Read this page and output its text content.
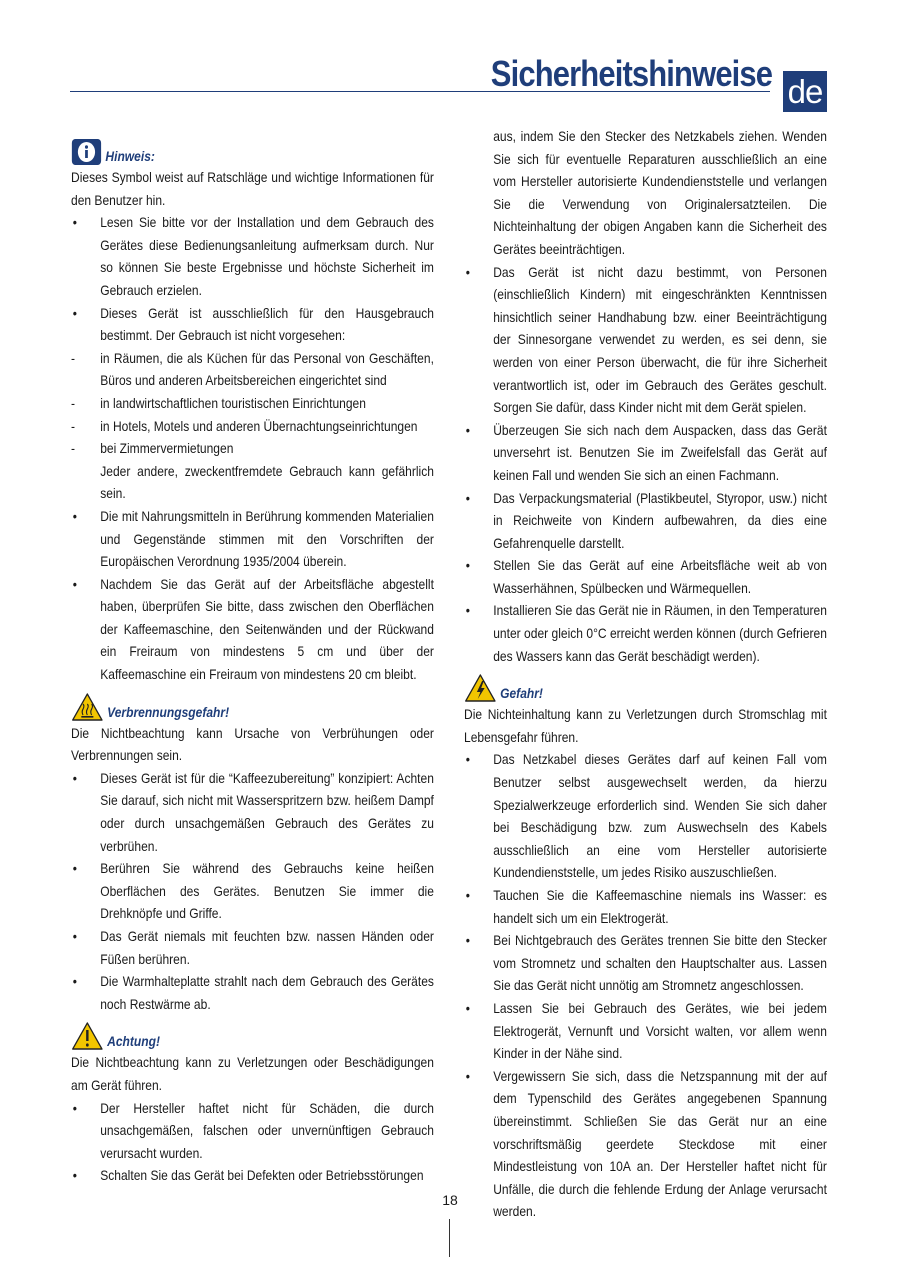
Sicherheitshinweise de
Hinweis:

Dieses Symbol weist auf Ratschläge und wichtige Informationen für den Benutzer hin.

• Lesen Sie bitte vor der Installation und dem Gebrauch des Gerätes diese Bedienungsanleitung aufmerksam durch. Nur so können Sie beste Ergebnisse und höchste Sicherheit im Gebrauch erzielen.
• Dieses Gerät ist ausschließlich für den Hausgebrauch bestimmt. Der Gebrauch ist nicht vorgesehen:
- in Räumen, die als Küchen für das Personal von Geschäften, Büros und anderen Arbeitsbereichen eingerichtet sind
- in landwirtschaftlichen touristischen Einrichtungen
- in Hotels, Motels und anderen Übernachtungseinrichtungen
- bei Zimmervermietungen

Jeder andere, zweckentfremdete Gebrauch kann gefährlich sein.

• Die mit Nahrungsmitteln in Berührung kommenden Materialien und Gegenstände stimmen mit den Vorschriften der Europäischen Verordnung 1935/2004 überein.
• Nachdem Sie das Gerät auf der Arbeitsfläche abgestellt haben, überprüfen Sie bitte, dass zwischen den Oberflächen der Kaffeemaschine, den Seitenwänden und der Rückwand ein Freiraum von mindestens 5 cm und über der Kaffeemaschine ein Freiraum von mindestens 20 cm bleibt.
Verbrennungsgefahr!

Die Nichtbeachtung kann Ursache von Verbrühungen oder Verbrennungen sein.

• Dieses Gerät ist für die “Kaffeezubereitung” konzipiert: Achten Sie darauf, sich nicht mit Wasserspritzern bzw. heißem Dampf oder durch unsachgemäßen Gebrauch des Gerätes zu verbrühen.
• Berühren Sie während des Gebrauchs keine heißen Oberflächen des Gerätes. Benutzen Sie immer die Drehknöpfe und Griffe.
• Das Gerät niemals mit feuchten bzw. nassen Händen oder Füßen berühren.
• Die Warmhalteplatte strahlt nach dem Gebrauch des Gerätes noch Restwärme ab.
Achtung!

Die Nichtbeachtung kann zu Verletzungen oder Beschädigungen am Gerät führen.

• Der Hersteller haftet nicht für Schäden, die durch unsachgemäßen, falschen oder unvernünftigen Gebrauch verursacht wurden.
• Schalten Sie das Gerät bei Defekten oder Betriebsstörungen

aus, indem Sie den Stecker des Netzkabels ziehen. Wenden Sie sich für eventuelle Reparaturen ausschließlich an eine vom Hersteller autorisierte Kundendienststelle und verlangen Sie die Verwendung von Originalersatzteilen. Die Nichteinhaltung der obigen Angaben kann die Sicherheit des Gerätes beeinträchtigen.

• Das Gerät ist nicht dazu bestimmt, von Personen (einschließlich Kindern) mit eingeschränkten Kenntnissen hinsichtlich seiner Handhabung bzw. einer Beeinträchtigung der Sinnesorgane verwendet zu werden, es sei denn, sie werden von einer Person überwacht, die für ihre Sicherheit verantwortlich ist, oder im Gebrauch des Gerätes geschult. Sorgen Sie dafür, dass Kinder nicht mit dem Gerät spielen.
• Überzeugen Sie sich nach dem Auspacken, dass das Gerät unversehrt ist. Benutzen Sie im Zweifelsfall das Gerät auf keinen Fall und wenden Sie sich an einen Fachmann.
• Das Verpackungsmaterial (Plastikbeutel, Styropor, usw.) nicht in Reichweite von Kindern aufbewahren, da dies eine Gefahrenquelle darstellt.
• Stellen Sie das Gerät auf eine Arbeitsfläche weit ab von Wasserhähnen, Spülbecken und Wärmequellen.
• Installieren Sie das Gerät nie in Räumen, in den Temperaturen unter oder gleich 0°C erreicht werden können (durch Gefrieren des Wassers kann das Gerät beschädigt werden).
Gefahr!

Die Nichteinhaltung kann zu Verletzungen durch Stromschlag mit Lebensgefahr führen.

• Das Netzkabel dieses Gerätes darf auf keinen Fall vom Benutzer selbst ausgewechselt werden, da hierzu Spezialwerkzeuge erforderlich sind. Wenden Sie sich daher bei Beschädigung bzw. zum Auswechseln des Kabels ausschließlich an eine vom Hersteller autorisierte Kundendienststelle, um jedes Risiko auszuschließen.
• Tauchen Sie die Kaffeemaschine niemals ins Wasser: es handelt sich um ein Elektrogerät.
• Bei Nichtgebrauch des Gerätes trennen Sie bitte den Stecker vom Stromnetz und schalten den Hauptschalter aus. Lassen Sie das Gerät nicht unnötig am Stromnetz angeschlossen.
• Lassen Sie bei Gebrauch des Gerätes, wie bei jedem Elektrogerät, Vernunft und Vorsicht walten, vor allem wenn Kinder in der Nähe sind.
• Vergewissern Sie sich, dass die Netzspannung mit der auf dem Typenschild des Gerätes angegebenen Spannung übereinstimmt. Schließen Sie das Gerät nur an eine vorschriftsmäßig geerdete Steckdose mit einer Mindestleistung von 10A an. Der Hersteller haftet nicht für Unfälle, die durch die fehlende Erdung der Anlage verursacht werden.
18
